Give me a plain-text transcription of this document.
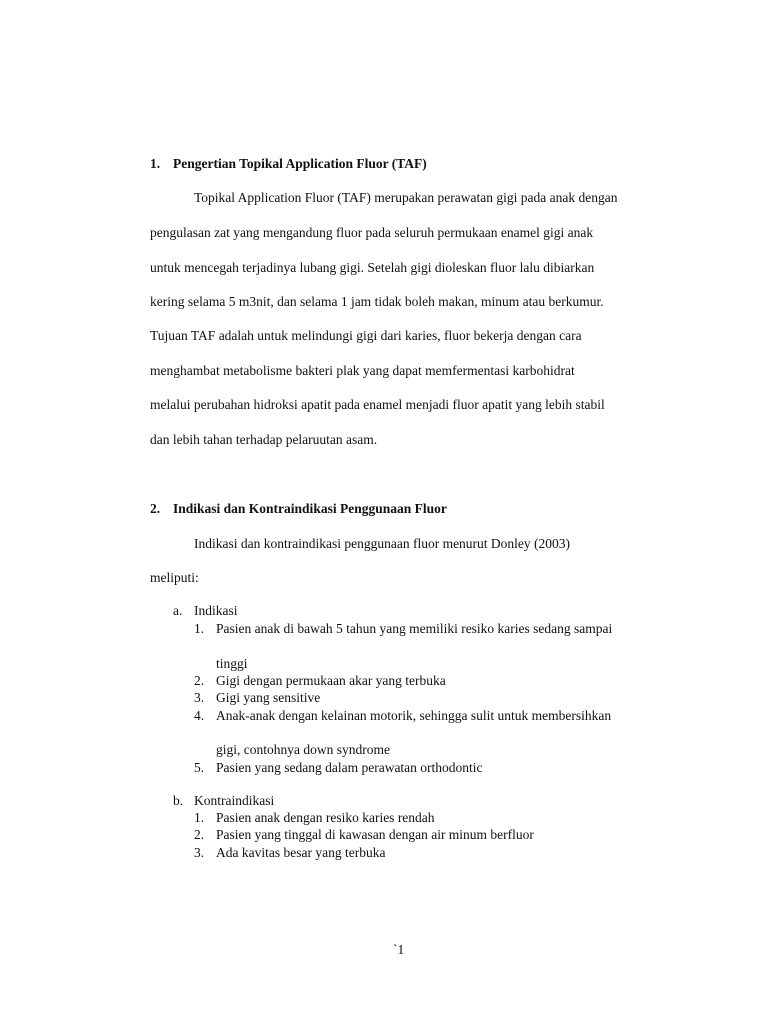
1. Pengertian Topikal Application Fluor (TAF)
Topikal Application Fluor (TAF) merupakan perawatan gigi pada anak dengan
pengulasan zat yang mengandung fluor pada seluruh permukaan enamel gigi anak
untuk mencegah terjadinya lubang gigi. Setelah gigi dioleskan fluor lalu dibiarkan
kering selama 5 m3nit, dan selama 1 jam tidak boleh makan, minum atau berkumur.
Tujuan TAF adalah untuk melindungi gigi dari karies, fluor bekerja dengan cara
menghambat metabolisme bakteri plak yang dapat memfermentasi karbohidrat
melalui perubahan hidroksi apatit pada enamel menjadi fluor apatit yang lebih stabil
dan lebih tahan terhadap pelaruutan asam.
2. Indikasi dan Kontraindikasi Penggunaan Fluor
Indikasi dan kontraindikasi penggunaan fluor menurut Donley (2003)
meliputi:
a. Indikasi
1. Pasien anak di bawah 5 tahun yang memiliki resiko karies sedang sampai
tinggi
2. Gigi dengan permukaan akar yang terbuka
3. Gigi yang sensitive
4. Anak-anak dengan kelainan motorik, sehingga sulit untuk membersihkan
gigi, contohnya down syndrome
5. Pasien yang sedang dalam perawatan orthodontic
b. Kontraindikasi
1. Pasien anak dengan resiko karies rendah
2. Pasien yang tinggal di kawasan dengan air minum berfluor
3. Ada kavitas besar yang terbuka
`1
